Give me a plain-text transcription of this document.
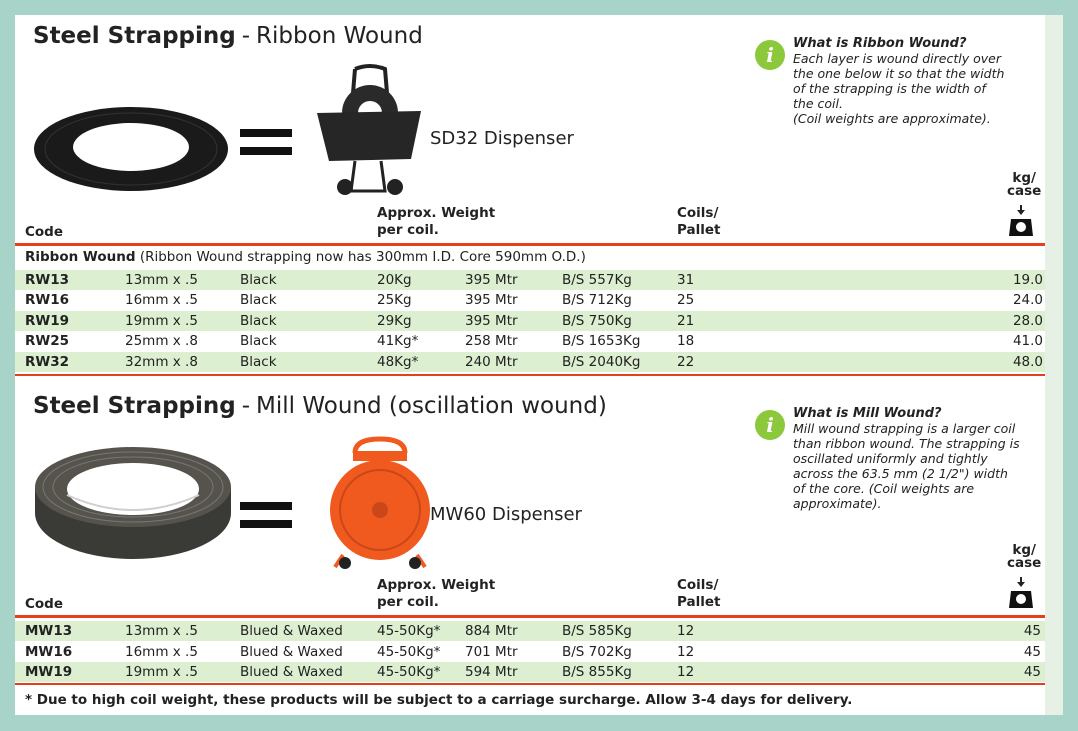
Steel Strapping - Ribbon Wound
SD32 Dispenser
i	What is Ribbon Wound?
Each layer is wound directly over
the one below it so that the width
of the strapping is the width of
the coil.
(Coil weights are approximate).
Code
Approx. Weight
per coil.
Coils/
Pallet
kg/
case
Ribbon Wound (Ribbon Wound strapping now has 300mm I.D. Core 590mm O.D.)
RW13	13mm x .5	Black	20Kg	395 Mtr	B/S 557Kg	31	19.0
RW16	16mm x .5	Black	25Kg	395 Mtr	B/S 712Kg	25	24.0
RW19	19mm x .5	Black	29Kg	395 Mtr	B/S 750Kg	21	28.0
RW25	25mm x .8	Black	41Kg*	258 Mtr	B/S 1653Kg	18	41.0
RW32	32mm x .8	Black	48Kg*	240 Mtr	B/S 2040Kg	22	48.0
Steel Strapping - Mill Wound (oscillation wound)
MW60 Dispenser
i	What is Mill Wound?
Mill wound strapping is a larger coil
than ribbon wound. The strapping is
oscillated uniformly and tightly
across the 63.5 mm (2 1/2") width
of the core. (Coil weights are
approximate).
Code
Approx. Weight
per coil.
Coils/
Pallet
kg/
case
MW13	13mm x .5	Blued & Waxed	45-50Kg* 884 Mtr	B/S 585Kg	12	45
MW16	16mm x .5	Blued & Waxed	45-50Kg* 701 Mtr	B/S 702Kg	12	45
MW19	19mm x .5	Blued & Waxed	45-50Kg* 594 Mtr	B/S 855Kg	12	45
* Due to high coil weight, these products will be subject to a carriage surcharge. Allow 3-4 days for delivery.
